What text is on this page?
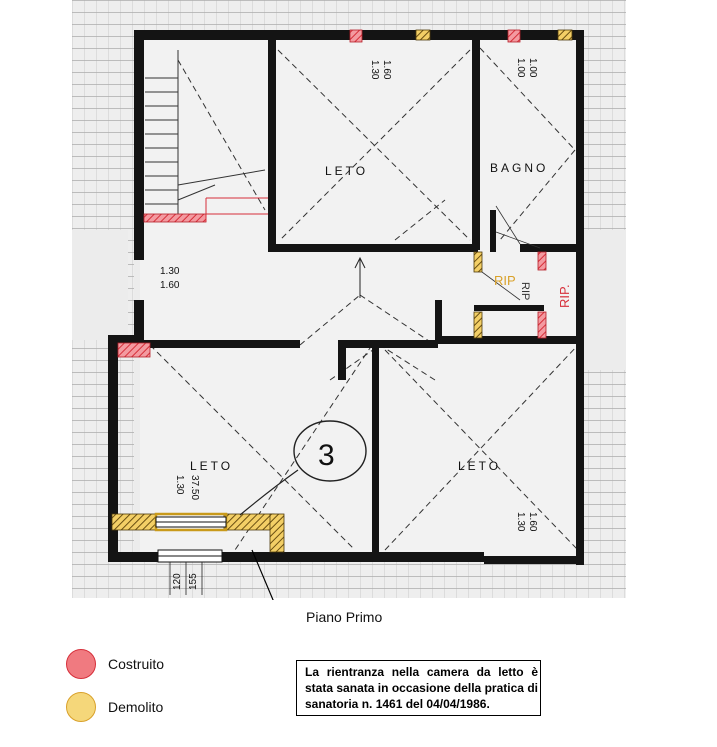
LETO	BAGNO
LETO	LETO
3
1.30 1.60	1.00 1.00
1.30
1.60
1.30 37.50
1.30 1.60
120 155
RIP
RIP.
RIP
Piano Primo
Costruito
Demolito
La rientranza nella camera da letto è stata sanata in occasione della pratica di sanatoria n. 1461 del 04/04/1986.
